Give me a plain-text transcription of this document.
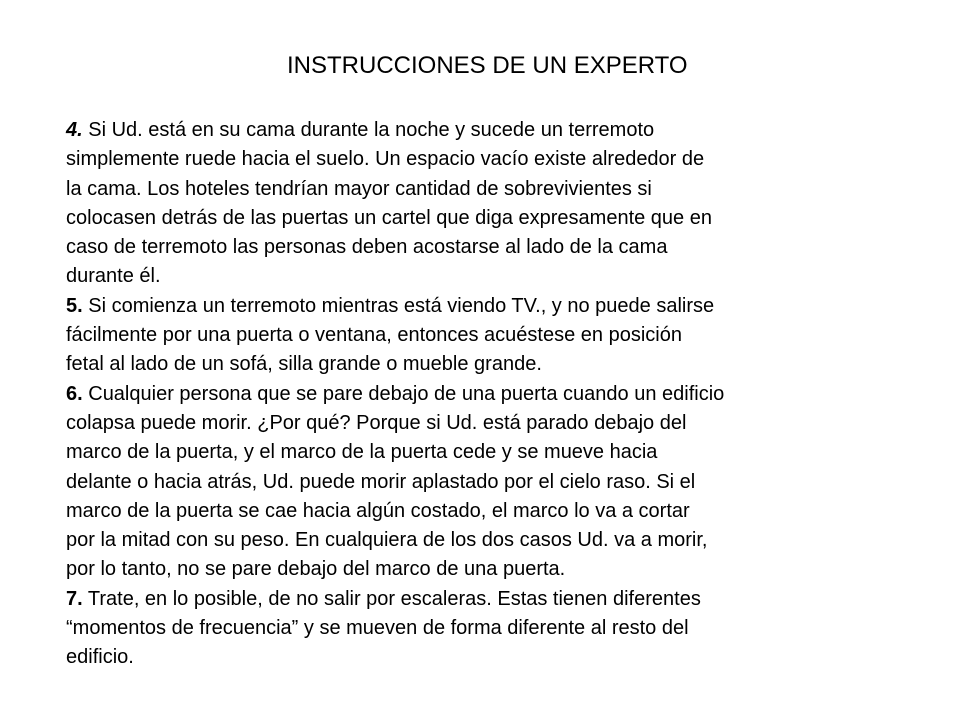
INSTRUCCIONES DE UN EXPERTO
4. Si Ud. está en su cama durante la noche y sucede un terremoto
simplemente ruede hacia el suelo. Un espacio vacío existe alrededor de
la cama. Los hoteles tendrían mayor cantidad de sobrevivientes si
colocasen detrás de las puertas un cartel que diga expresamente que en
caso de terremoto las personas deben acostarse al lado de la cama
durante él.
5. Si comienza un terremoto mientras está viendo TV., y no puede salirse
fácilmente por una puerta o ventana, entonces acuéstese en posición
fetal al lado de un sofá, silla grande o mueble grande.
6. Cualquier persona que se pare debajo de una puerta cuando un edificio
colapsa puede morir. ¿Por qué? Porque si Ud. está parado debajo del
marco de la puerta, y el marco de la puerta cede y se mueve hacia
delante o hacia atrás, Ud. puede morir aplastado por el cielo raso. Si el
marco de la puerta se cae hacia algún costado, el marco lo va a cortar
por la mitad con su peso. En cualquiera de los dos casos Ud. va a morir,
por lo tanto, no se pare debajo del marco de una puerta.
7. Trate, en lo posible, de no salir por escaleras. Estas tienen diferentes
“momentos de frecuencia” y se mueven de forma diferente al resto del
edificio.
